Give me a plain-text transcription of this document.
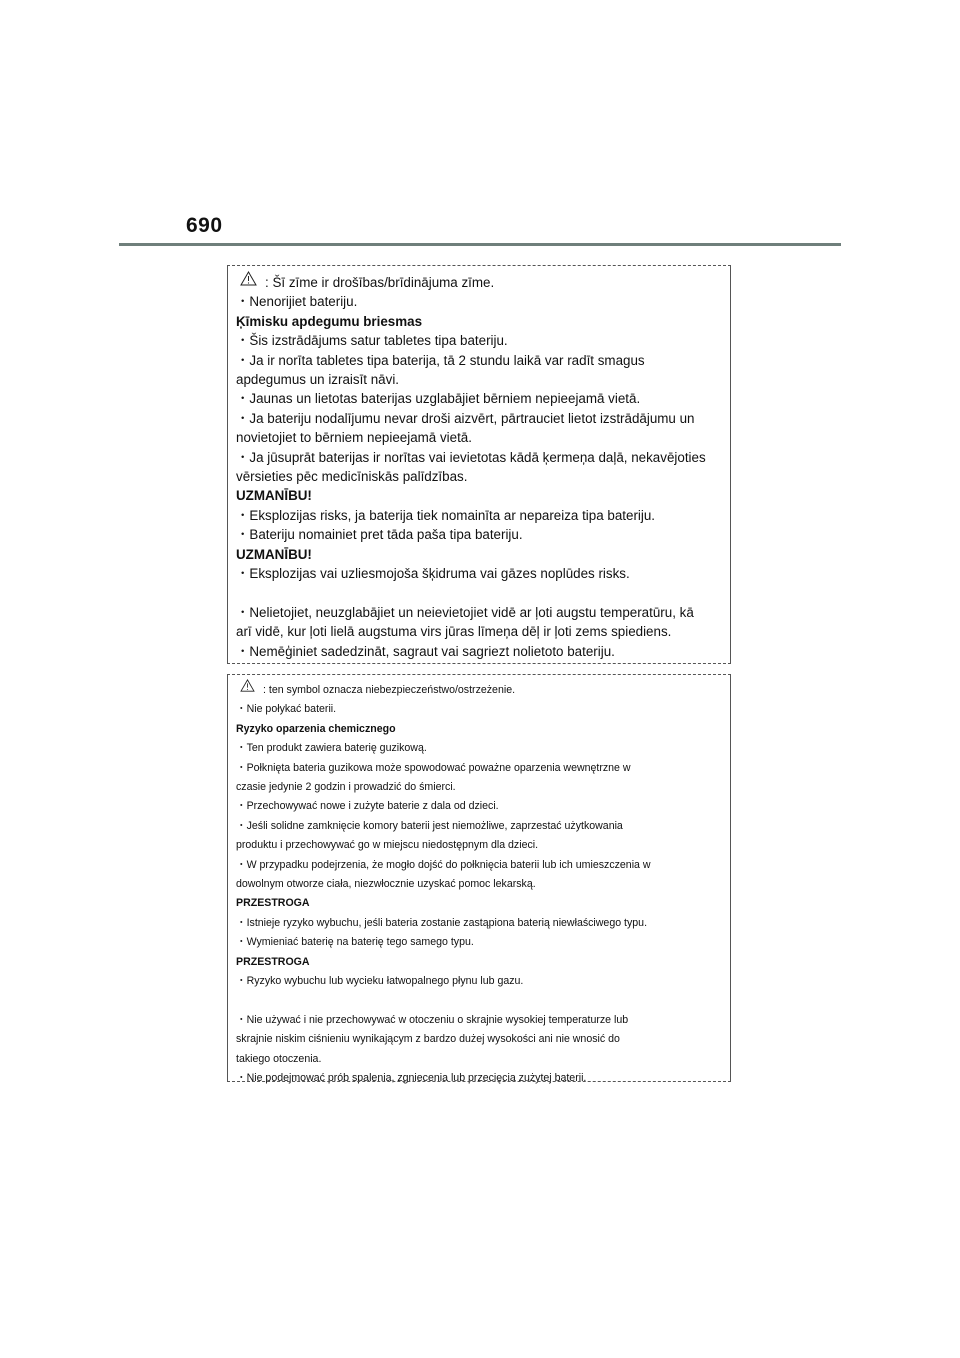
690
: Šī zīme ir drošības/brīdinājuma zīme.
・Nenorijiet bateriju.
Ķīmisku apdegumu briesmas
・Šis izstrādājums satur tabletes tipa bateriju.
・Ja ir norīta tabletes tipa baterija, tā 2 stundu laikā var radīt smagus
apdegumus un izraisīt nāvi.
・Jaunas un lietotas baterijas uzglabājiet bērniem nepieejamā vietā.
・Ja bateriju nodalījumu nevar droši aizvērt, pārtrauciet lietot izstrādājumu un
novietojiet to bērniem nepieejamā vietā.
・Ja jūsuprāt baterijas ir norītas vai ievietotas kādā ķermeņa daļā, nekavējoties
vērsieties pēc medicīniskās palīdzības.
UZMANĪBU!
・Eksplozijas risks, ja baterija tiek nomainīta ar nepareiza tipa bateriju.
・Bateriju nomainiet pret tāda paša tipa bateriju.
UZMANĪBU!
・Eksplozijas vai uzliesmojoša šķidruma vai gāzes noplūdes risks.
・Nelietojiet, neuzglabājiet un neievietojiet vidē ar ļoti augstu temperatūru, kā
arī vidē, kur ļoti lielā augstuma virs jūras līmeņa dēļ ir ļoti zems spiediens.
・Nemēģiniet sadedzināt, sagraut vai sagriezt nolietoto bateriju.
: ten symbol oznacza niebezpieczeństwo/ostrzeżenie.
・Nie połykać baterii.
Ryzyko oparzenia chemicznego
・Ten produkt zawiera baterię guzikową.
・Połknięta bateria guzikowa może spowodować poważne oparzenia wewnętrzne w
czasie jedynie 2 godzin i prowadzić do śmierci.
・Przechowywać nowe i zużyte baterie z dala od dzieci.
・Jeśli solidne zamknięcie komory baterii jest niemożliwe, zaprzestać użytkowania
produktu i przechowywać go w miejscu niedostępnym dla dzieci.
・W przypadku podejrzenia, że mogło dojść do połknięcia baterii lub ich umieszczenia w
dowolnym otworze ciała, niezwłocznie uzyskać pomoc lekarską.
PRZESTROGA
・Istnieje ryzyko wybuchu, jeśli bateria zostanie zastąpiona baterią niewłaściwego typu.
・Wymieniać baterię na baterię tego samego typu.
PRZESTROGA
・Ryzyko wybuchu lub wycieku łatwopalnego płynu lub gazu.
・Nie używać i nie przechowywać w otoczeniu o skrajnie wysokiej temperaturze lub
skrajnie niskim ciśnieniu wynikającym z bardzo dużej wysokości ani nie wnosić do
takiego otoczenia.
・Nie podejmować prób spalenia, zgniecenia lub przecięcia zużytej baterii.
